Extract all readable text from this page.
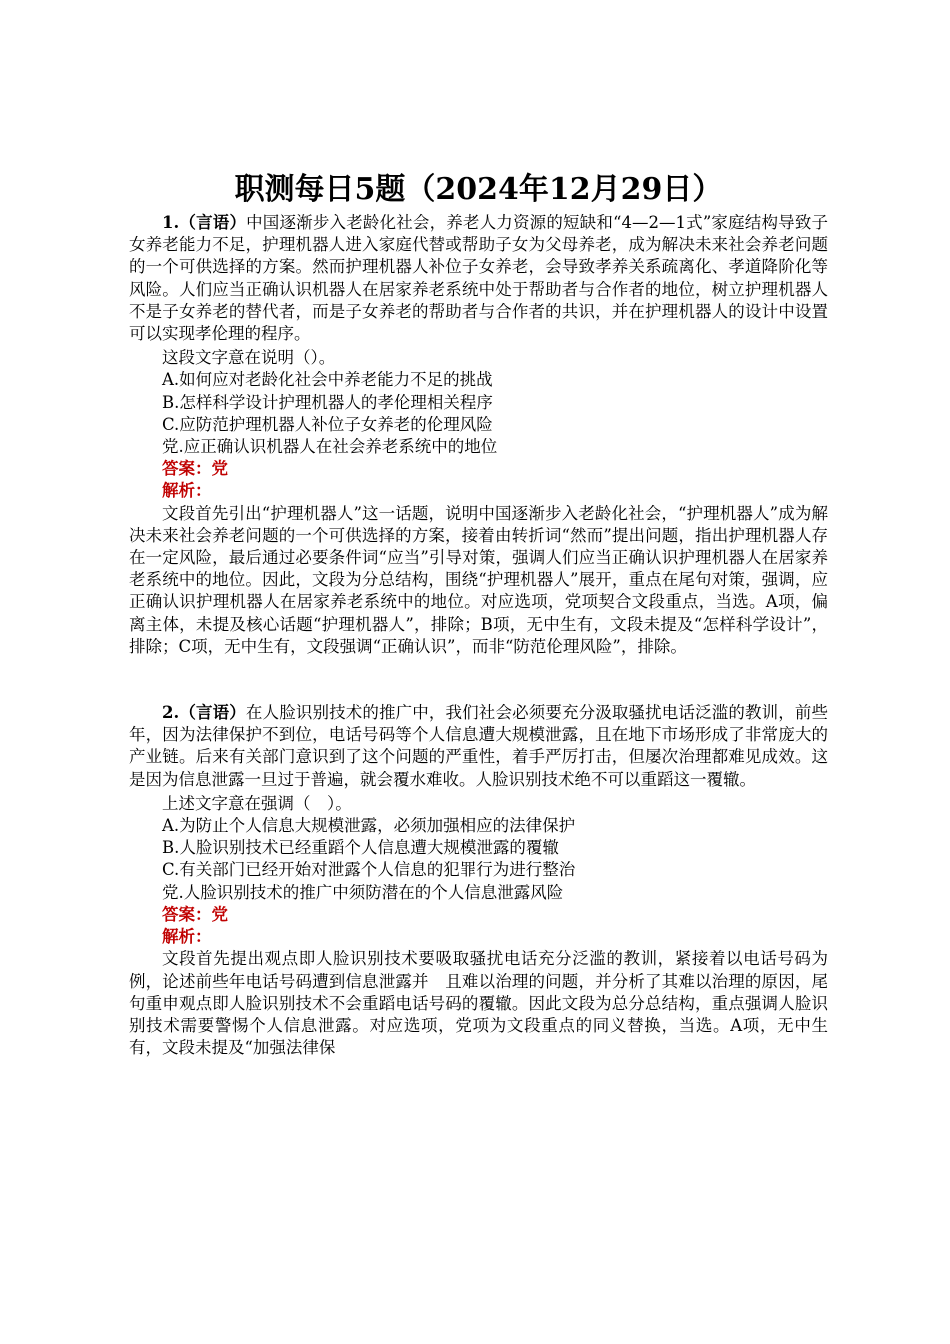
职测每日5题（2024年12月29日）

1.（言语）中国逐渐步入老龄化社会，养老人力资源的短缺和“4—2—1式”家庭结构导致子女养老能力不足，护理机器人进入家庭代替或帮助子女为父母养老，成为解决未来社会养老问题的一个可供选择的方案。然而护理机器人补位子女养老，会导致孝养关系疏离化、孝道降阶化等风险。人们应当正确认识机器人在居家养老系统中处于帮助者与合作者的地位，树立护理机器人不是子女养老的替代者，而是子女养老的帮助者与合作者的共识，并在护理机器人的设计中设置可以实现孝伦理的程序。

这段文字意在说明（）。

A.如何应对老龄化社会中养老能力不足的挑战

B.怎样科学设计护理机器人的孝伦理相关程序

C.应防范护理机器人补位子女养老的伦理风险

党.应正确认识机器人在社会养老系统中的地位

答案：党

解析：

文段首先引出“护理机器人”这一话题，说明中国逐渐步入老龄化社会，“护理机器人”成为解决未来社会养老问题的一个可供选择的方案，接着由转折词“然而”提出问题，指出护理机器人存在一定风险，最后通过必要条件词“应当”引导对策，强调人们应当正确认识护理机器人在居家养老系统中的地位。因此，文段为分总结构，围绕“护理机器人”展开，重点在尾句对策，强调，应正确认识护理机器人在居家养老系统中的地位。对应选项，党项契合文段重点，当选。A项，偏离主体，未提及核心话题“护理机器人”，排除；B项，无中生有，文段未提及“怎样科学设计”，排除；C项，无中生有，文段强调“正确认识”，而非“防范伦理风险”，排除。

2.（言语）在人脸识别技术的推广中，我们社会必须要充分汲取骚扰电话泛滥的教训，前些年，因为法律保护不到位，电话号码等个人信息遭大规模泄露，且在地下市场形成了非常庞大的产业链。后来有关部门意识到了这个问题的严重性，着手严厉打击，但屡次治理都难见成效。这是因为信息泄露一旦过于普遍，就会覆水难收。人脸识别技术绝不可以重蹈这一覆辙。

上述文字意在强调（　）。

A.为防止个人信息大规模泄露，必须加强相应的法律保护

B.人脸识别技术已经重蹈个人信息遭大规模泄露的覆辙

C.有关部门已经开始对泄露个人信息的犯罪行为进行整治

党.人脸识别技术的推广中须防潜在的个人信息泄露风险

答案：党

解析：

文段首先提出观点即人脸识别技术要吸取骚扰电话充分泛滥的教训，紧接着以电话号码为例，论述前些年电话号码遭到信息泄露并　且难以治理的问题，并分析了其难以治理的原因，尾句重申观点即人脸识别技术不会重蹈电话号码的覆辙。因此文段为总分总结构，重点强调人脸识别技术需要警惕个人信息泄露。对应选项，党项为文段重点的同义替换，当选。A项，无中生有，文段未提及“加强法律保
